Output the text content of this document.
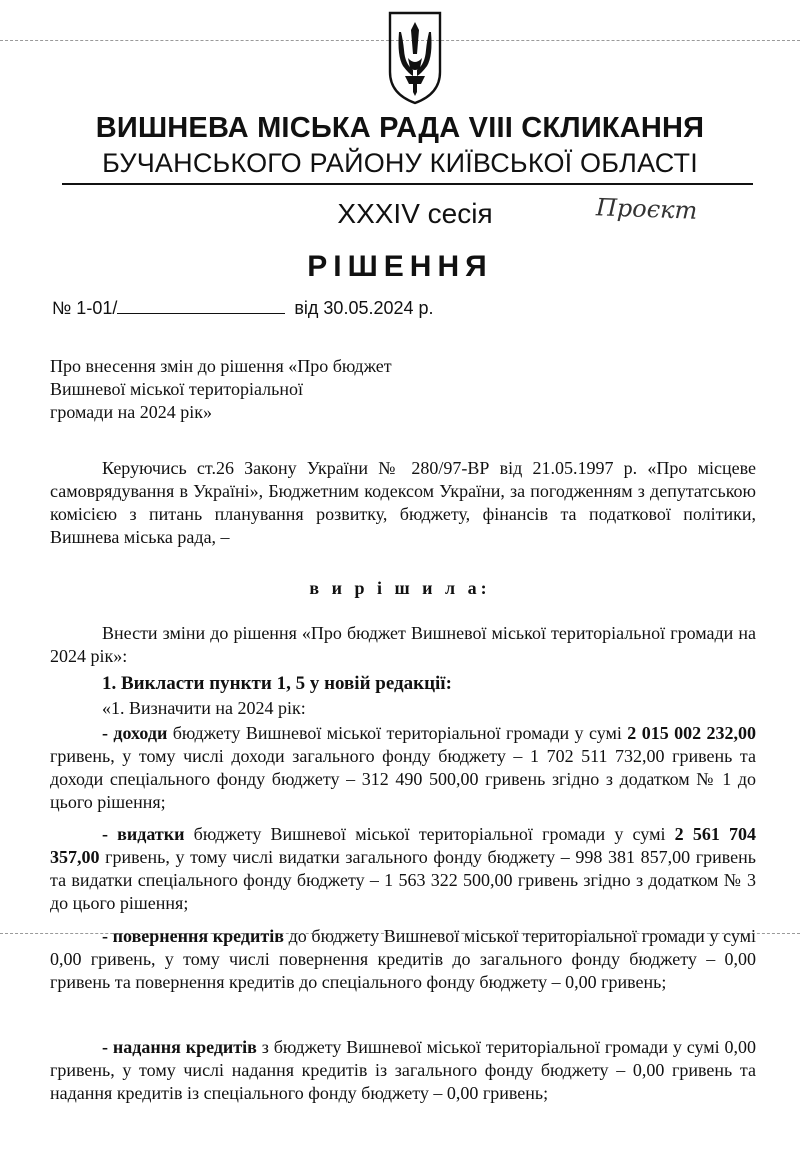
ВИШНЕВА МІСЬКА РАДА VIII СКЛИКАННЯ
БУЧАНСЬКОГО РАЙОНУ КИЇВСЬКОЇ ОБЛАСТІ
XXXIV сесія	Проєкт
РІШЕННЯ
№ 1-01/	від 30.05.2024 р.
Про внесення змін до рішення «Про бюджет
Вишневої міської територіальної
громади на 2024 рік»
Керуючись ст.26 Закону України № 280/97-ВР від 21.05.1997 р. «Про місцеве самоврядування в Україні», Бюджетним кодексом України, за погодженням з депутатською комісією з питань планування розвитку, бюджету, фінансів та податкової політики, Вишнева міська рада, –
в и р і ш и л а:
Внести зміни до рішення «Про бюджет Вишневої міської територіальної громади на 2024 рік»:
1. Викласти пункти 1, 5 у новій редакції:
«1. Визначити на 2024 рік:
- доходи бюджету Вишневої міської територіальної громади у сумі 2 015 002 232,00 гривень, у тому числі доходи загального фонду бюджету – 1 702 511 732,00 гривень та доходи спеціального фонду бюджету – 312 490 500,00 гривень згідно з додатком № 1 до цього рішення;
- видатки бюджету Вишневої міської територіальної громади у сумі 2 561 704 357,00 гривень, у тому числі видатки загального фонду бюджету – 998 381 857,00 гривень та видатки спеціального фонду бюджету – 1 563 322 500,00 гривень згідно з додатком № 3 до цього рішення;
- повернення кредитів до бюджету Вишневої міської територіальної громади у сумі 0,00 гривень, у тому числі повернення кредитів до загального фонду бюджету – 0,00 гривень та повернення кредитів до спеціального фонду бюджету – 0,00 гривень;
- надання кредитів з бюджету Вишневої міської територіальної громади у сумі 0,00 гривень, у тому числі надання кредитів із загального фонду бюджету – 0,00 гривень та надання кредитів із спеціального фонду бюджету – 0,00 гривень;
